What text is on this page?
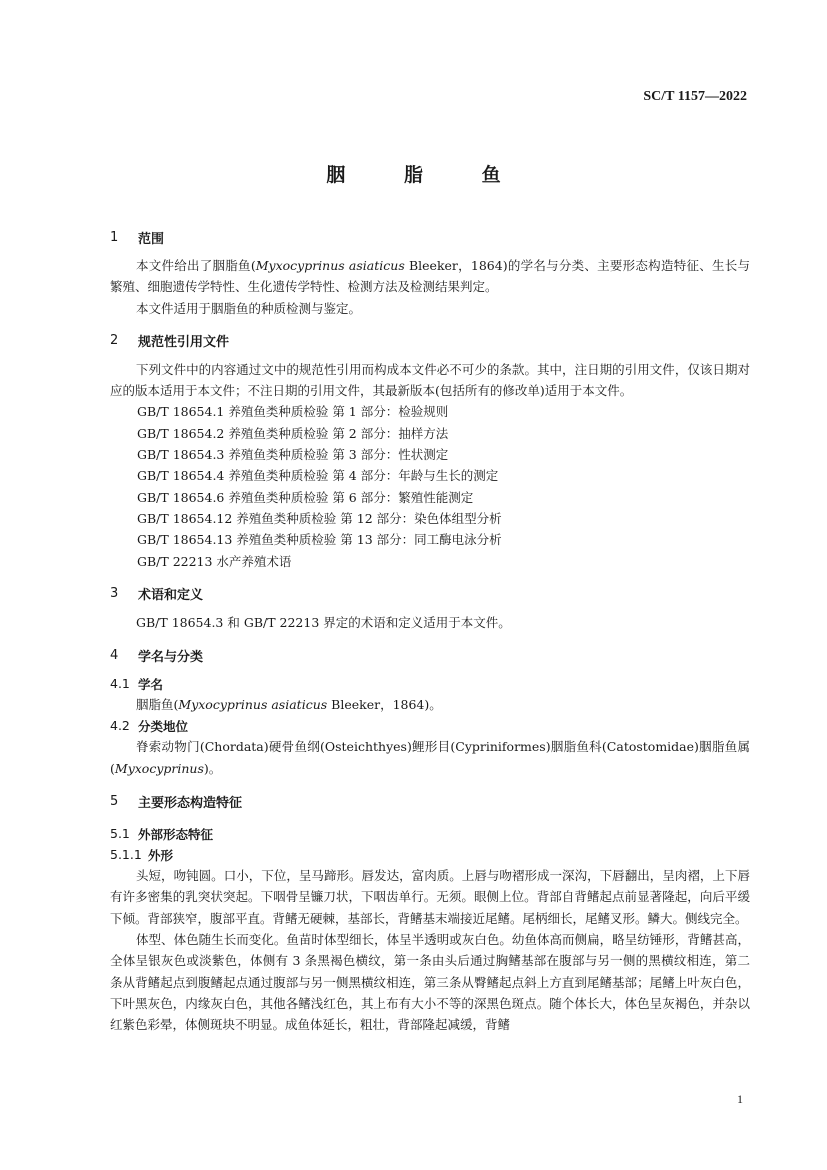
SC/T 1157—2022
胭 脂 鱼
1	范围

本文件给出了胭脂鱼(Myxocyprinus asiaticus Bleeker，1864)的学名与分类、主要形态构造特征、生长与繁殖、细胞遗传学特性、生化遗传学特性、检测方法及检测结果判定。

本文件适用于胭脂鱼的种质检测与鉴定。

2	规范性引用文件

下列文件中的内容通过文中的规范性引用而构成本文件必不可少的条款。其中，注日期的引用文件，仅该日期对应的版本适用于本文件；不注日期的引用文件，其最新版本(包括所有的修改单)适用于本文件。

GB/T 18654.1 养殖鱼类种质检验 第 1 部分：检验规则
GB/T 18654.2 养殖鱼类种质检验 第 2 部分：抽样方法
GB/T 18654.3 养殖鱼类种质检验 第 3 部分：性状测定
GB/T 18654.4 养殖鱼类种质检验 第 4 部分：年龄与生长的测定
GB/T 18654.6 养殖鱼类种质检验 第 6 部分：繁殖性能测定
GB/T 18654.12 养殖鱼类种质检验 第 12 部分：染色体组型分析
GB/T 18654.13 养殖鱼类种质检验 第 13 部分：同工酶电泳分析
GB/T 22213 水产养殖术语
3	术语和定义

GB/T 18654.3 和 GB/T 22213 界定的术语和定义适用于本文件。

4	学名与分类
4.1 学名

胭脂鱼(Myxocyprinus asiaticus Bleeker，1864)。

4.2 分类地位

脊索动物门(Chordata)硬骨鱼纲(Osteichthyes)鲤形目(Cypriniformes)胭脂鱼科(Catostomidae)胭脂鱼属(Myxocyprinus)。

5	主要形态构造特征
5.1 外部形态特征
5.1.1 外形

头短，吻钝圆。口小，下位，呈马蹄形。唇发达，富肉质。上唇与吻褶形成一深沟，下唇翻出，呈肉褶，上下唇有许多密集的乳突状突起。下咽骨呈镰刀状，下咽齿单行。无须。眼侧上位。背部自背鳍起点前显著隆起，向后平缓下倾。背部狭窄，腹部平直。背鳍无硬棘，基部长，背鳍基末端接近尾鳍。尾柄细长，尾鳍叉形。鳞大。侧线完全。

体型、体色随生长而变化。鱼苗时体型细长，体呈半透明或灰白色。幼鱼体高而侧扁，略呈纺锤形，背鳍甚高，全体呈银灰色或淡紫色，体侧有 3 条黑褐色横纹，第一条由头后通过胸鳍基部在腹部与另一侧的黑横纹相连，第二条从背鳍起点到腹鳍起点通过腹部与另一侧黑横纹相连，第三条从臀鳍起点斜上方直到尾鳍基部；尾鳍上叶灰白色，下叶黑灰色，内缘灰白色，其他各鳍浅红色，其上布有大小不等的深黑色斑点。随个体长大，体色呈灰褐色，并杂以红紫色彩晕，体侧斑块不明显。成鱼体延长，粗壮，背部隆起减缓，背鳍

1
